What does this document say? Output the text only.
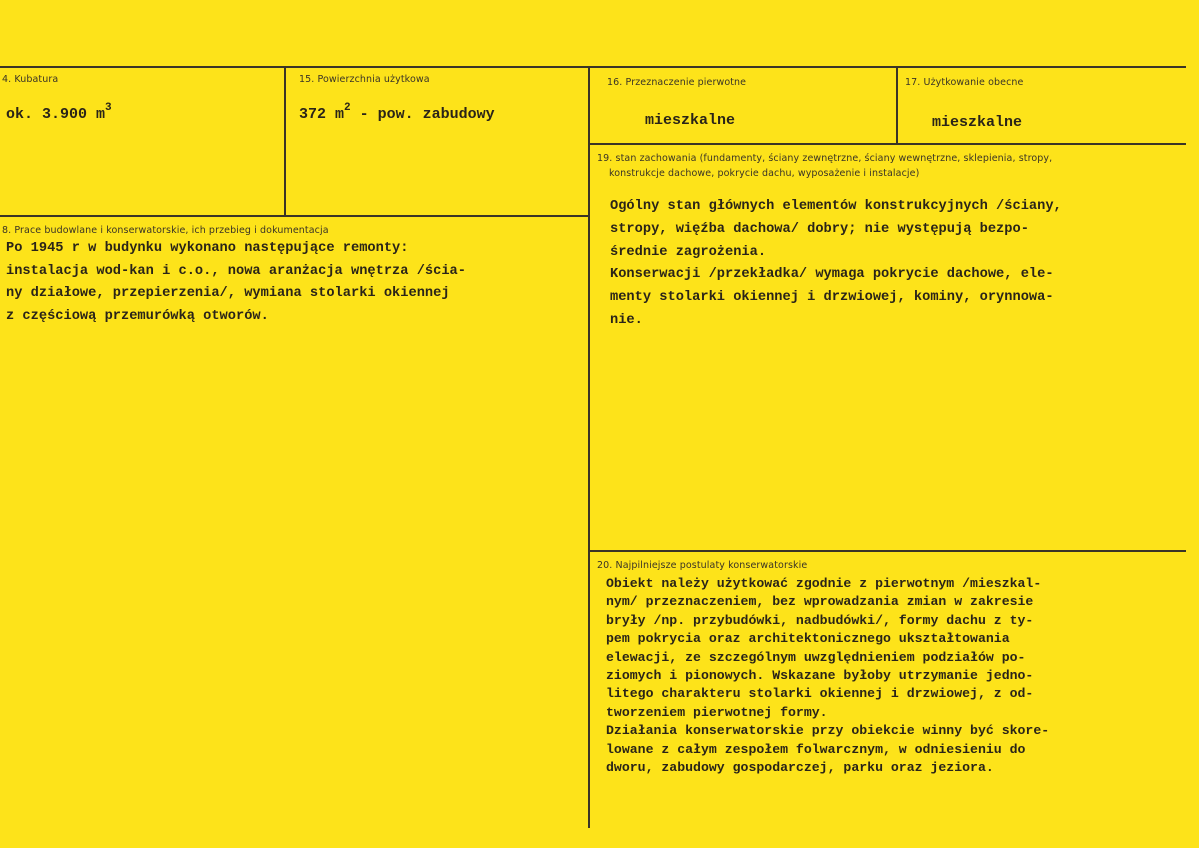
4. Kubatura
ok. 3.900 $m^3$
15. Powierzchnia użytkowa
372 $m^2$ - pow. zabudowy
16. Przeznaczenie pierwotne
mieszkalne
17. Użytkowanie obecne
mieszkalne
8. Prace budowlane i konserwatorskie, ich przebieg i dokumentacja
Po 1945 r w budynku wykonano następujące remonty:
instalacja wod-kan i c.o., nowa aranżacja wnętrza /ścia-
ny działowe, przepierzenia/, wymiana stolarki okiennej
z częściową przemurówką otworów.
19. stan zachowania (fundamenty, ściany zewnętrzne, ściany wewnętrzne, sklepienia, stropy,
konstrukcje dachowe, pokrycie dachu, wyposażenie i instalacje)
Ogólny stan głównych elementów konstrukcyjnych /ściany,
stropy, więźba dachowa/ dobry; nie występują bezpo-
średnie zagrożenia.
Konserwacji /przekładka/ wymaga pokrycie dachowe, ele-
menty stolarki okiennej i drzwiowej, kominy, orynnowa-
nie.
20. Najpilniejsze postulaty konserwatorskie
Obiekt należy użytkować zgodnie z pierwotnym /mieszkal-
nym/ przeznaczeniem, bez wprowadzania zmian w zakresie
bryły /np. przybudówki, nadbudówki/, formy dachu z ty-
pem pokrycia oraz architektonicznego ukształtowania
elewacji, ze szczególnym uwzględnieniem podziałów po-
ziomych i pionowych. Wskazane byłoby utrzymanie jedno-
litego charakteru stolarki okiennej i drzwiowej, z od-
tworzeniem pierwotnej formy.
Działania konserwatorskie przy obiekcie winny być skore-
lowane z całym zespołem folwarcznym, w odniesieniu do
dworu, zabudowy gospodarczej, parku oraz jeziora.
